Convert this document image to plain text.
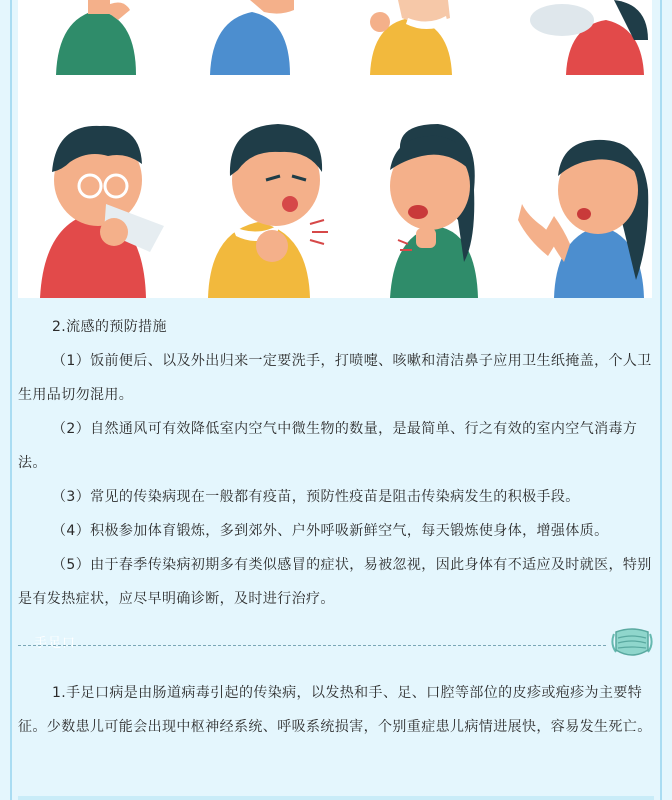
2.流感的预防措施

（1）饭前便后、以及外出归来一定要洗手，打喷嚏、咳嗽和清洁鼻子应用卫生纸掩盖，个人卫生用品切勿混用。

（2）自然通风可有效降低室内空气中微生物的数量，是最简单、行之有效的室内空气消毒方法。

（3）常见的传染病现在一般都有疫苗，预防性疫苗是阻击传染病发生的积极手段。

（4）积极参加体育锻炼，多到郊外、户外呼吸新鲜空气，每天锻炼使身体，增强体质。

（5）由于春季传染病初期多有类似感冒的症状，易被忽视，因此身体有不适应及时就医，特别是有发热症状，应尽早明确诊断，及时进行治疗。

手足口

1.手足口病是由肠道病毒引起的传染病，以发热和手、足、口腔等部位的皮疹或疱疹为主要特征。少数患儿可能会出现中枢神经系统、呼吸系统损害，个别重症患儿病情进展快，容易发生死亡。
